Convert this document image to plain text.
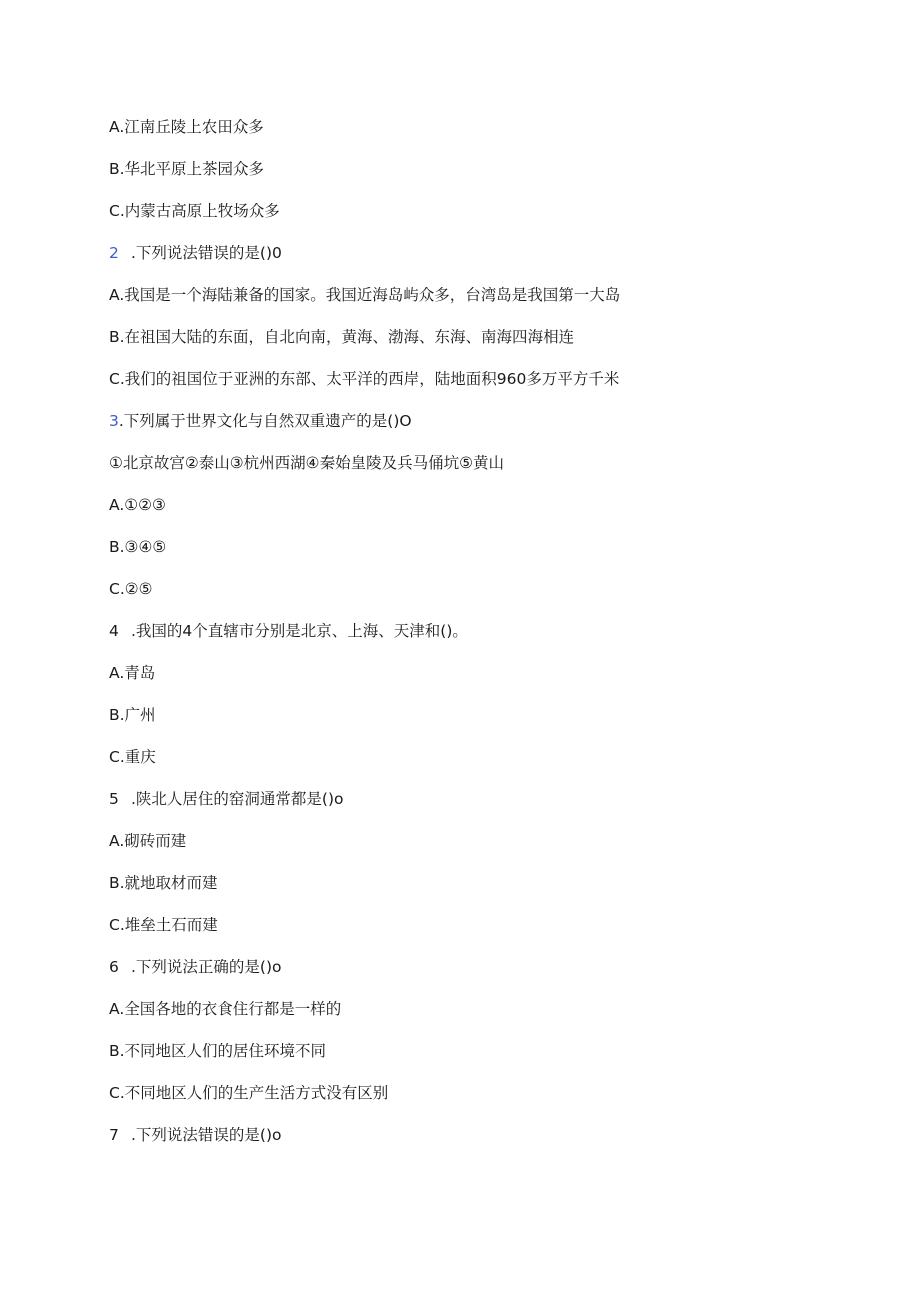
A.江南丘陵上农田众多
B.华北平原上茶园众多
C.内蒙古高原上牧场众多
2 .下列说法错误的是()0
A.我国是一个海陆兼备的国家。我国近海岛屿众多，台湾岛是我国第一大岛
B.在祖国大陆的东面，自北向南，黄海、渤海、东海、南海四海相连
C.我们的祖国位于亚洲的东部、太平洋的西岸，陆地面积960多万平方千米
3.下列属于世界文化与自然双重遗产的是()O
①北京故宫②泰山③杭州西湖④秦始皇陵及兵马俑坑⑤黄山
A.①②③
B.③④⑤
C.②⑤
4 .我国的4个直辖市分别是北京、上海、天津和()。
A.青岛
B.广州
C.重庆
5 .陕北人居住的窑洞通常都是()o
A.砌砖而建
B.就地取材而建
C.堆垒土石而建
6 .下列说法正确的是()o
A.全国各地的衣食住行都是一样的
B.不同地区人们的居住环境不同
C.不同地区人们的生产生活方式没有区别
7 .下列说法错误的是()o
